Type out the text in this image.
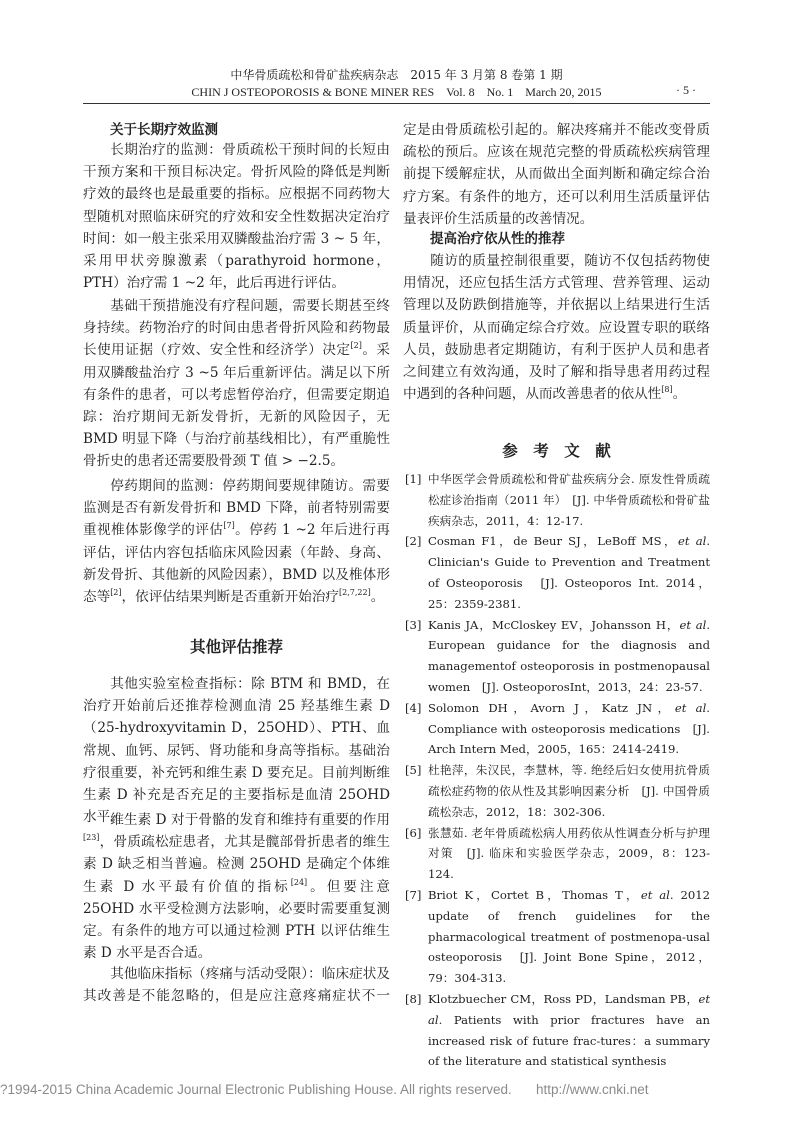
中华骨质疏松和骨矿盐疾病杂志　2015 年 3 月第 8 卷第 1 期
CHIN J OSTEOPOROSIS & BONE MINER RES　Vol. 8　No. 1　March 20, 2015	· 5 ·
关于长期疗效监测
长期治疗的监测：骨质疏松干预时间的长短由干预方案和干预目标决定。骨折风险的降低是判断疗效的最终也是最重要的指标。应根据不同药物大型随机对照临床研究的疗效和安全性数据决定治疗时间：如一般主张采用双膦酸盐治疗需 3 ~ 5 年，采用甲状旁腺激素（parathyroid hormone，PTH）治疗需 1 ~2 年，此后再进行评估。
基础干预措施没有疗程问题，需要长期甚至终身持续。药物治疗的时间由患者骨折风险和药物最长使用证据（疗效、安全性和经济学）决定[2]。采用双膦酸盐治疗 3 ~5 年后重新评估。满足以下所有条件的患者，可以考虑暂停治疗，但需要定期追踪：治疗期间无新发骨折，无新的风险因子，无 BMD 明显下降（与治疗前基线相比），有严重脆性骨折史的患者还需要股骨颈 T 值 > −2.5。
停药期间的监测：停药期间要规律随访。需要监测是否有新发骨折和 BMD 下降，前者特别需要重视椎体影像学的评估[7]。停药 1 ~2 年后进行再评估，评估内容包括临床风险因素（年龄、身高、新发骨折、其他新的风险因素），BMD 以及椎体形态等[2]，依评估结果判断是否重新开始治疗[2,7,22]。
其他评估推荐
其他实验室检查指标：除 BTM 和 BMD，在治疗开始前后还推荐检测血清 25 羟基维生素 D（25-hydroxyvitamin D，25OHD）、PTH、血常规、血钙、尿钙、肾功能和身高等指标。基础治疗很重要，补充钙和维生素 D 要充足。目前判断维生素 D 补充是否充足的主要指标是血清 25OHD 水平。
维生素 D 对于骨骼的发育和维持有重要的作用[23]，骨质疏松症患者，尤其是髋部骨折患者的维生素 D 缺乏相当普遍。检测 25OHD 是确定个体维生素 D 水平最有价值的指标[24]。但要注意 25OHD 水平受检测方法影响，必要时需要重复测定。有条件的地方可以通过检测 PTH 以评估维生素 D 水平是否合适。
其他临床指标（疼痛与活动受限）：临床症状及其改善是不能忽略的，但是应注意疼痛症状不一
定是由骨质疏松引起的。解决疼痛并不能改变骨质疏松的预后。应该在规范完整的骨质疏松疾病管理前提下缓解症状，从而做出全面判断和确定综合治疗方案。有条件的地方，还可以利用生活质量评估量表评价生活质量的改善情况。
提高治疗依从性的推荐
随访的质量控制很重要，随访不仅包括药物使用情况，还应包括生活方式管理、营养管理、运动管理以及防跌倒措施等，并依据以上结果进行生活质量评价，从而确定综合疗效。应设置专职的联络人员，鼓励患者定期随访，有利于医护人员和患者之间建立有效沟通，及时了解和指导患者用药过程中遇到的各种问题，从而改善患者的依从性[8]。
参　考　文　献
[1] 中华医学会骨质疏松和骨矿盐疾病分会. 原发性骨质疏松症诊治指南（2011 年）　[J]. 中华骨质疏松和骨矿盐疾病杂志，2011，4：12-17.
[2] Cosman F1，de Beur SJ，LeBoff MS，et al. Clinician's Guide to Prevention and Treatment of Osteoporosis　[J]. Osteoporos Int. 2014，25：2359-2381.
[3] Kanis JA，McCloskey EV，Johansson H，et al. European guidance for the diagnosis and managementof osteoporosis in postmenopausal women　[J]. OsteoporosInt，2013，24：23-57.
[4] Solomon DH，Avorn J，Katz JN，et al. Compliance with osteoporosis medications　[J]. Arch Intern Med，2005，165：2414-2419.
[5] 杜艳萍，朱汉民，李慧林，等. 绝经后妇女使用抗骨质疏松症药物的依从性及其影响因素分析　[J]. 中国骨质疏松杂志，2012，18：302-306.
[6] 张慧茹. 老年骨质疏松病人用药依从性调查分析与护理对策　[J]. 临床和实验医学杂志，2009，8：123-124.
[7] Briot K，Cortet B，Thomas T，et al. 2012 update of french guidelines for the pharmacological treatment of postmenopa-usal osteoporosis　[J]. Joint Bone Spine，2012，79：304-313.
[8] Klotzbuecher CM，Ross PD，Landsman PB，et al. Patients with prior fractures have an increased risk of future frac-tures：a summary of the literature and statistical synthesis
?1994-2015 China Academic Journal Electronic Publishing House. All rights reserved. http://www.cnki.net
